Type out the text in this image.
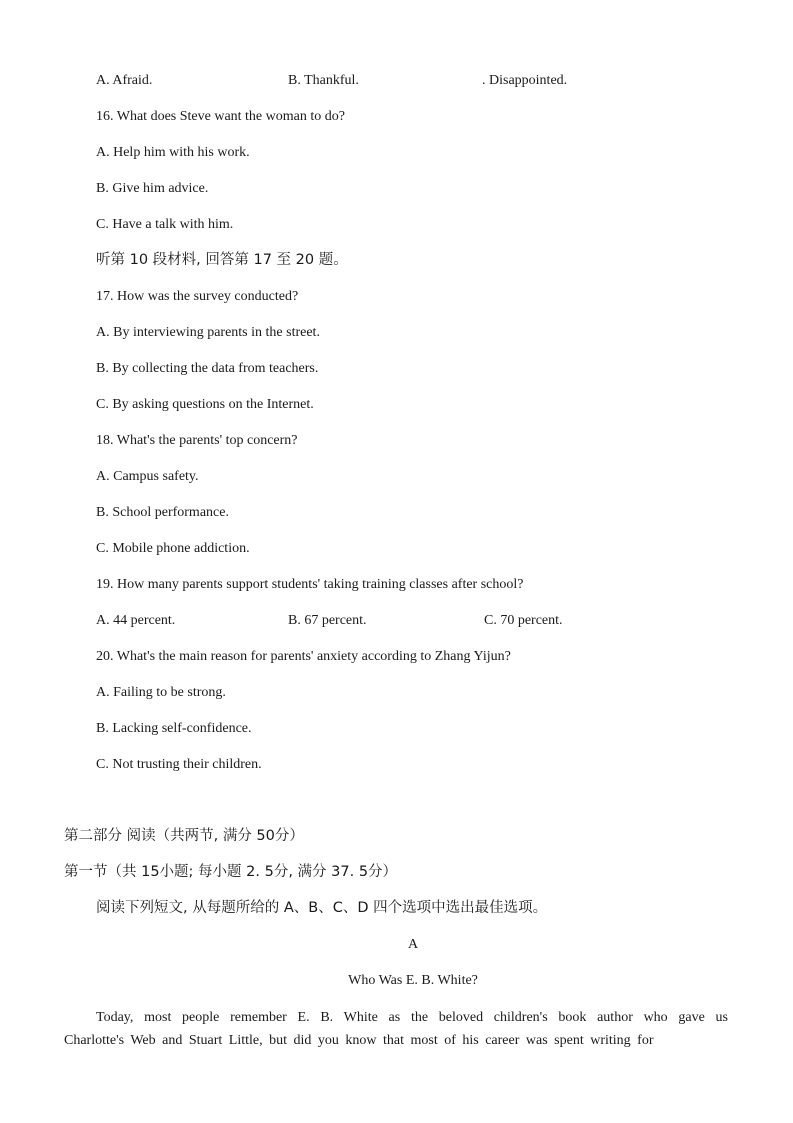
A. Afraid.	B. Thankful.	. Disappointed.
16. What does Steve want the woman to do?
A. Help him with his work.
B. Give him advice.
C. Have a talk with him.
听第 10 段材料, 回答第 17 至 20 题。
17. How was the survey conducted?
A. By interviewing parents in the street.
B. By collecting the data from teachers.
C. By asking questions on the Internet.
18. What's the parents' top concern?
A. Campus safety.
B. School performance.
C. Mobile phone addiction.
19. How many parents support students' taking training classes after school?
A. 44 percent.	B. 67 percent.	C. 70 percent.
20. What's the main reason for parents' anxiety according to Zhang Yijun?
A. Failing to be strong.
B. Lacking self-confidence.
C. Not trusting their children.
第二部分 阅读（共两节, 满分 50分）
第一节（共 15小题; 每小题 2. 5分, 满分 37. 5分）
阅读下列短文, 从每题所给的 A、B、C、D 四个选项中选出最佳选项。
A
Who Was E. B. White?
Today, most people remember E. B. White as the beloved children's book author who gave us Charlotte's Web and Stuart Little, but did you know that most of his career was spent writing for
